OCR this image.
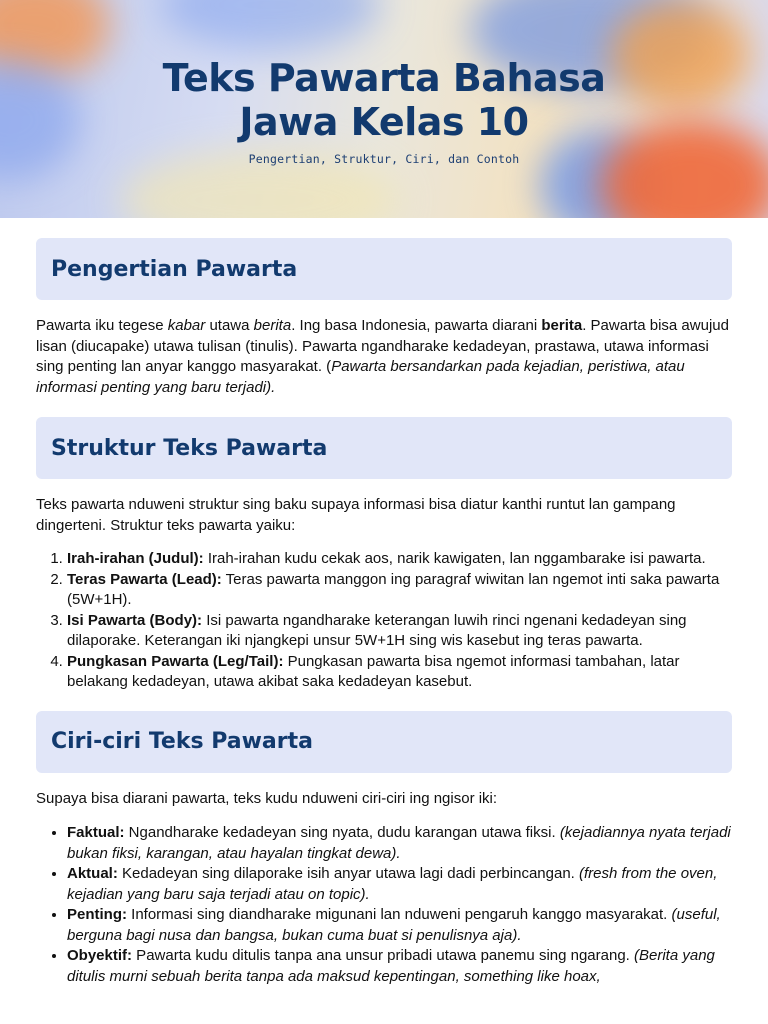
Teks Pawarta Bahasa
Jawa Kelas 10
Pengertian, Struktur, Ciri, dan Contoh
Pengertian Pawarta

Pawarta iku tegese kabar utawa berita. Ing basa Indonesia, pawarta diarani berita. Pawarta bisa awujud lisan (diucapake) utawa tulisan (tinulis). Pawarta ngandharake kedadeyan, prastawa, utawa informasi sing penting lan anyar kanggo masyarakat. (Pawarta bersandarkan pada kejadian, peristiwa, atau informasi penting yang baru terjadi).

Struktur Teks Pawarta

Teks pawarta nduweni struktur sing baku supaya informasi bisa diatur kanthi runtut lan gampang dingerteni. Struktur teks pawarta yaiku:

1. Irah-irahan (Judul): Irah-irahan kudu cekak aos, narik kawigaten, lan nggambarake isi pawarta.
2. Teras Pawarta (Lead): Teras pawarta manggon ing paragraf wiwitan lan ngemot inti saka pawarta (5W+1H).
3. Isi Pawarta (Body): Isi pawarta ngandharake keterangan luwih rinci ngenani kedadeyan sing dilaporake. Keterangan iki njangkepi unsur 5W+1H sing wis kasebut ing teras pawarta.
4. Pungkasan Pawarta (Leg/Tail): Pungkasan pawarta bisa ngemot informasi tambahan, latar belakang kedadeyan, utawa akibat saka kedadeyan kasebut.
Ciri-ciri Teks Pawarta

Supaya bisa diarani pawarta, teks kudu nduweni ciri-ciri ing ngisor iki:

• Faktual: Ngandharake kedadeyan sing nyata, dudu karangan utawa fiksi. (kejadiannya nyata terjadi bukan fiksi, karangan, atau hayalan tingkat dewa).
• Aktual: Kedadeyan sing dilaporake isih anyar utawa lagi dadi perbincangan. (fresh from the oven, kejadian yang baru saja terjadi atau on topic).
• Penting: Informasi sing diandharake migunani lan nduweni pengaruh kanggo masyarakat. (useful, berguna bagi nusa dan bangsa, bukan cuma buat si penulisnya aja).
• Obyektif: Pawarta kudu ditulis tanpa ana unsur pribadi utawa panemu sing ngarang. (Berita yang ditulis murni sebuah berita tanpa ada maksud kepentingan, something like hoax,
